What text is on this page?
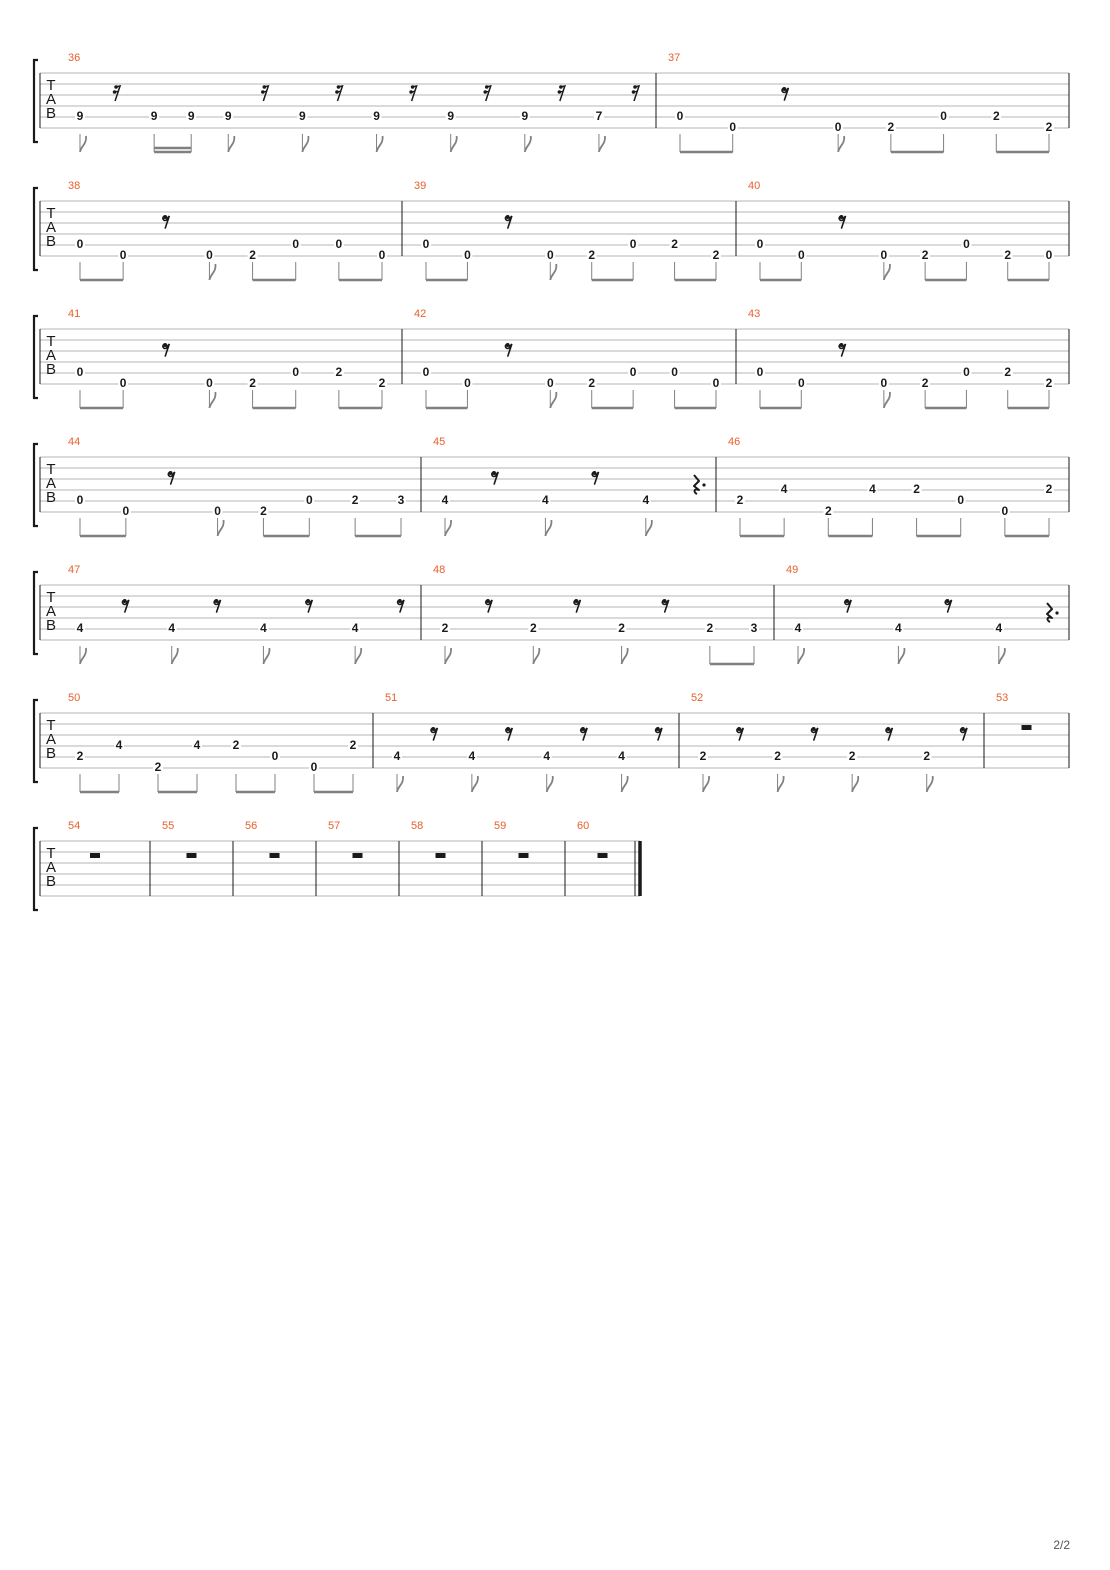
T
A
B
36
9	9	9	9	9	9	9	9	7
37
0
0	0	2
0	2
2
T
A
B
38
0
0	0	2
0	0
0
39
0
0	0	2
0	2
2
40
0
0	0	2
0
2	0
T
A
B
41
0
0	0	2
0	2
2
42
0
0	0	2
0	0
0
43
0
0	0	2
0	2
2
T
A
B
44
0
0	0	2
0	2	3
45
4	4	4
46
2
4
2
4	2
0
0
2
T
A
B
47
4	4	4	4
48
2	2	2	2	3
49
4	4	4
T
A
B
50
2
4
2
4	2
0
0
2
51
4	4	4	4
52
2	2	2	2
53
T
A
B
54	55	56	57	58	59	60
2/2
